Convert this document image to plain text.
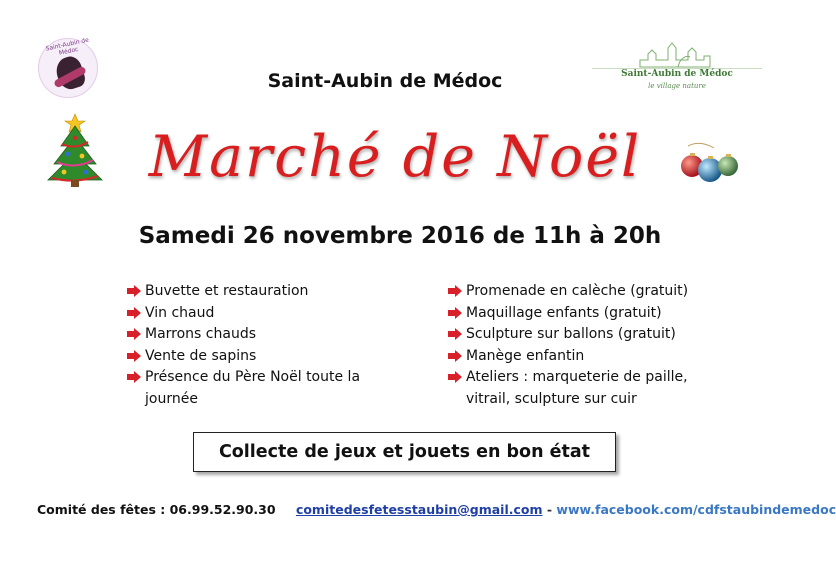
Saint-Aubin de Médoc
Saint-Aubin de Médoc
le village nature
Saint-Aubin de Médoc
Marché de Noël
Samedi 26 novembre 2016 de 11h à 20h
Buvette et restauration
Vin chaud
Marrons chauds
Vente de sapins
Présence du Père Noël toute la journée
Promenade en calèche (gratuit)
Maquillage enfants (gratuit)
Sculpture sur ballons (gratuit)
Manège enfantin
Ateliers : marqueterie de paille, vitrail, sculpture sur cuir
Collecte de jeux et jouets en bon état
Comité des fêtes : 06.99.52.90.30 comitedesfetesstaubin@gmail.com - www.facebook.com/cdfstaubindemedoc
